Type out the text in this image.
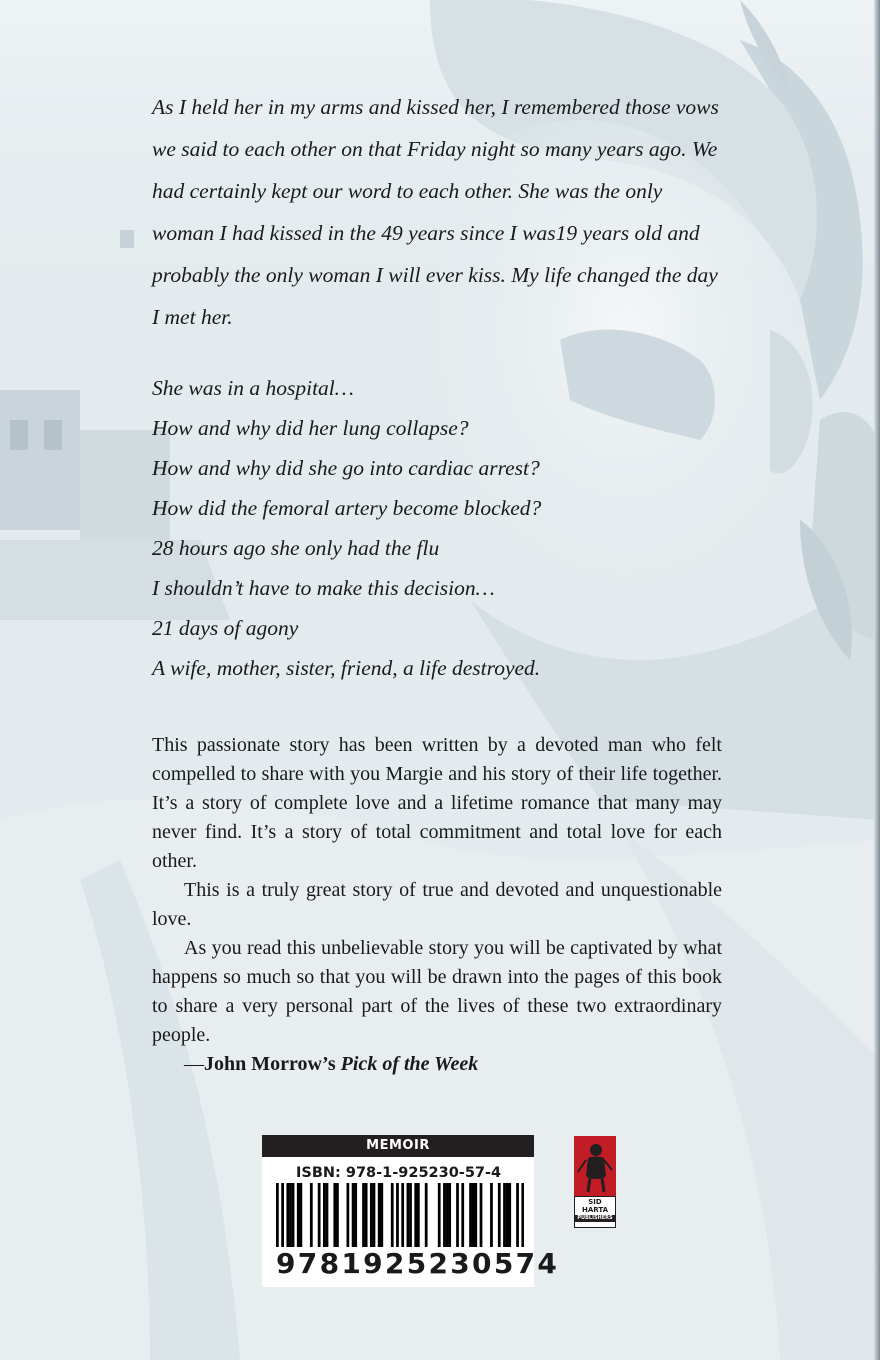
As I held her in my arms and kissed her, I remembered those vows we said to each other on that Friday night so many years ago. We had certainly kept our word to each other. She was the only woman I had kissed in the 49 years since I was19 years old and probably the only woman I will ever kiss. My life changed the day I met her.

She was in a hospital…
How and why did her lung collapse?
How and why did she go into cardiac arrest?
How did the femoral artery become blocked?
28 hours ago she only had the flu
I shouldn’t have to make this decision…
21 days of agony
A wife, mother, sister, friend, a life destroyed.

This passionate story has been written by a devoted man who felt compelled to share with you Margie and his story of their life together. It’s a story of complete love and a lifetime romance that many may never find. It’s a story of total commitment and total love for each other.

This is a truly great story of true and devoted and unquestionable love.

As you read this unbelievable story you will be captivated by what happens so much so that you will be drawn into the pages of this book to share a very personal part of the lives of these two extraordinary people.

—John Morrow’s Pick of the Week

MEMOIR
ISBN: 978-1-925230-57-4
9781925230574
SID
HARTA
PUBLISHERS
